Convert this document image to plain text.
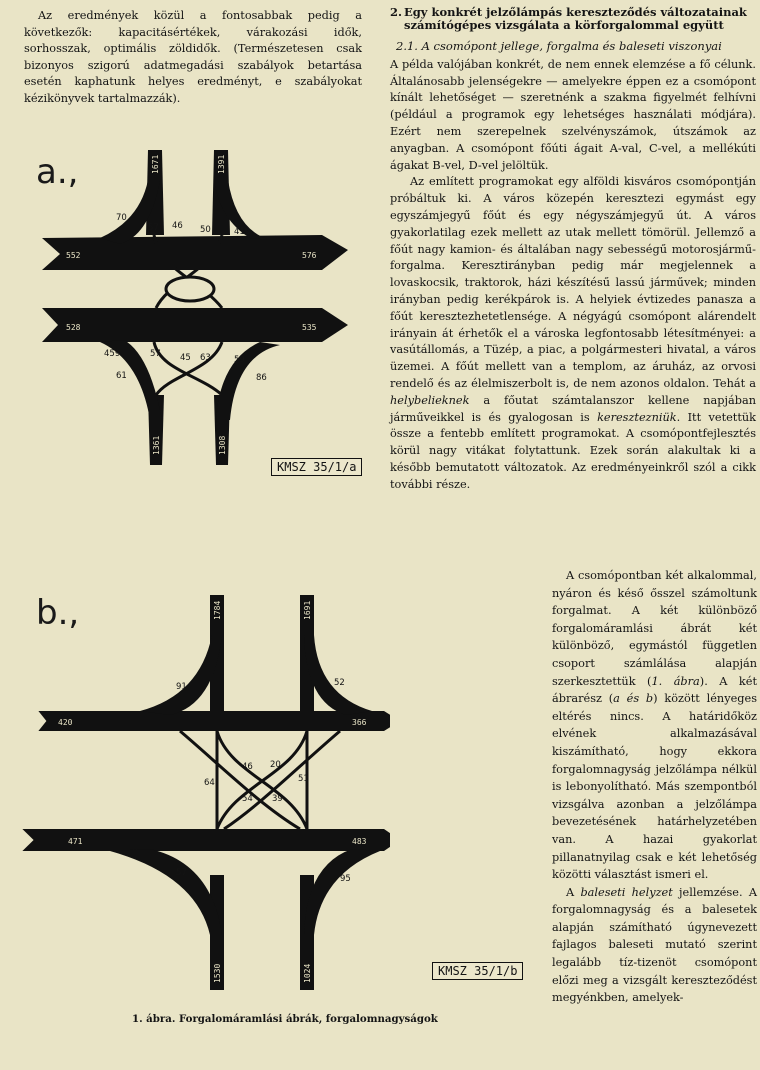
Az eredmények közül a fontosabbak pedig a következők: kapacitásértékek, várakozási idők, sorhosszak, optimális zöldidők. (Természetesen csak bizonyos szigorú adatmegadási szabályok betartása esetén kaphatunk helyes eredményt, e szabályokat kézikönyvek tartalmazzák).

a.,
552	576
528	535
1671	1391
1361	1308
70
57 46 50	419
459	57 45
61
63	59
86
KMSZ 35/1/a
b.,
420	366
471	483
1784	1691
1530	1024
91	52
64
46 20
51
54 39
57
95
KMSZ 35/1/b
1. ábra. Forgalomáramlási ábrák, forgalomnagyságok
2. Egy konkrét jelzőlámpás kereszteződés változatainak
számítógépes vizsgálata a körforgalommal együtt
2.1. A csomópont jellege, forgalma és baleseti viszonyai

A példa valójában konkrét, de nem ennek elemzése a fő célunk. Általánosabb jelenségekre — amelyekre éppen ez a csomópont kínált lehetőséget — szeretnénk a szakma figyelmét felhívni (például a programok egy lehetséges használati módjára). Ezért nem szerepelnek szelvényszámok, útszámok az anyagban. A csomópont főúti ágait A-val, C-vel, a mellékúti ágakat B-vel, D-vel jelöltük.

Az említett programokat egy alföldi kisváros csomópontján próbáltuk ki. A város közepén keresztezi egymást egy egyszámjegyű főút és egy négyszámjegyű út. A város gyakorlatilag ezek mellett az utak mellett tömörül. Jellemző a főút nagy kamion- és általában nagy sebességű motorosjármű-forgalma. Keresztirányban pedig már megjelennek a lovaskocsik, traktorok, házi készítésű lassú járművek; minden irányban pedig kerékpárok is. A helyiek évtizedes panasza a főút keresztezhetetlensége. A négyágú csomópont alárendelt irányain át érhetők el a városka legfontosabb létesítményei: a vasútállomás, a Tüzép, a piac, a polgármesteri hivatal, a város üzemei. A főút mellett van a templom, az áruház, az orvosi rendelő és az élelmiszerbolt is, de nem azonos oldalon. Tehát a helybelieknek a főutat számtalanszor kellene napjában járműveikkel is és gyalogosan is keresztezniük. Itt vetettük össze a fentebb említett programokat. A csomópontfejlesztés körül nagy vitákat folytattunk. Ezek során alakultak ki a később bemutatott változatok. Az eredményeinkről szól a cikk további része.

A csomópontban két alkalommal, nyáron és késő ősszel számoltunk forgalmat. A két különböző forgalomáramlási ábrát két különböző, egymástól független csoport számlálása alapján szerkesztettük (1. ábra). A két ábrarész (a és b) között lényeges eltérés nincs. A határidőköz elvének alkalmazásával kiszámítható, hogy ekkora forgalomnagyság jelzőlámpa nélkül is lebonyolítható. Más szempontból vizsgálva azonban a jelzőlámpa bevezetésének határhelyzetében van. A hazai gyakorlat pillanatnyilag csak e két lehetőség közötti választást ismeri el.

A baleseti helyzet jellemzése. A forgalomnagyság és a balesetek alapján számítható úgynevezett fajlagos baleseti mutató szerint legalább tíz-tizenöt csomópont előzi meg a vizsgált kereszteződést megyénkben, amelyek-
